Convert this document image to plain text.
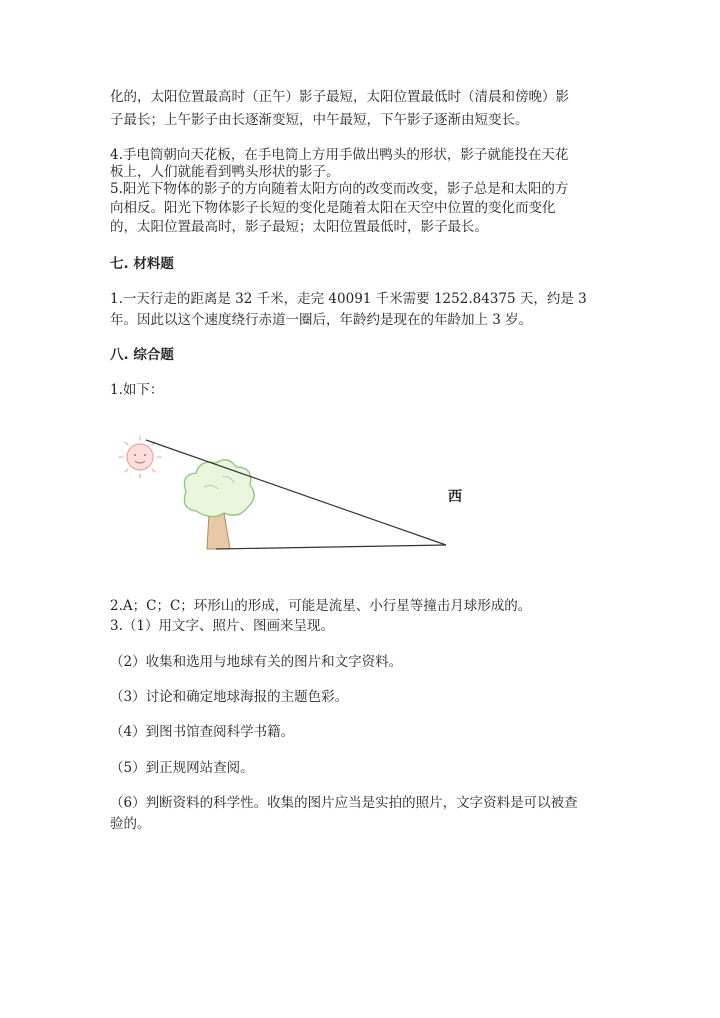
化的，太阳位置最高时（正午）影子最短，太阳位置最低时（清晨和傍晚）影
子最长；上午影子由长逐渐变短，中午最短，下午影子逐渐由短变长。
4.手电筒朝向天花板，在手电筒上方用手做出鸭头的形状，影子就能投在天花
板上，人们就能看到鸭头形状的影子。
5.阳光下物体的影子的方向随着太阳方向的改变而改变，影子总是和太阳的方
向相反。阳光下物体影子长短的变化是随着太阳在天空中位置的变化而变化
的，太阳位置最高时，影子最短；太阳位置最低时，影子最长。
七. 材料题
1.一天行走的距离是 32 千米，走完 40091 千米需要 1252.84375 天，约是 3
年。因此以这个速度绕行赤道一圈后，年龄约是现在的年龄加上 3 岁。
八. 综合题
1.如下：
西
2.A；C；C；环形山的形成，可能是流星、小行星等撞击月球形成的。
3.（1）用文字、照片、图画来呈现。
（2）收集和选用与地球有关的图片和文字资料。
（3）讨论和确定地球海报的主题色彩。
（4）到图书馆查阅科学书籍。
（5）到正规网站查阅。
（6）判断资料的科学性。收集的图片应当是实拍的照片，文字资料是可以被查
验的。
